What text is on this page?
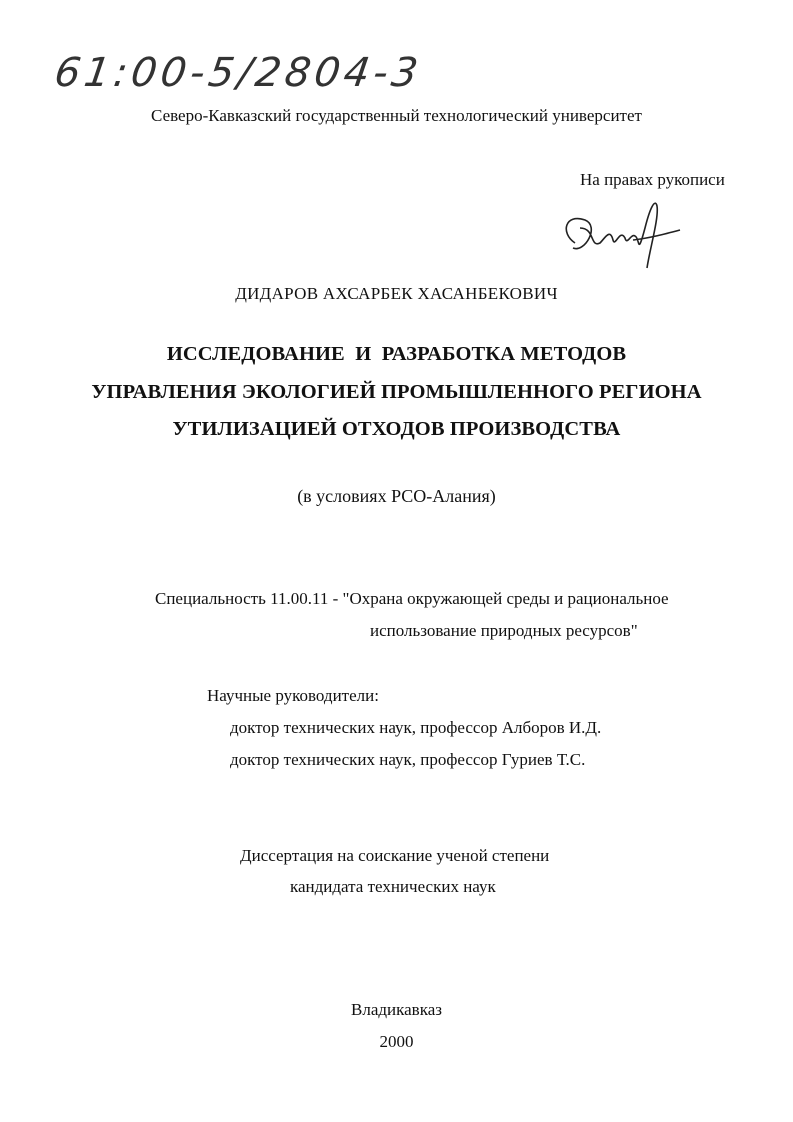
61:00-5/2804-3
Северо-Кавказский государственный технологический университет
На правах рукописи
ДИДАРОВ АХСАРБЕК ХАСАНБЕКОВИЧ
ИССЛЕДОВАНИЕ  И  РАЗРАБОТКА МЕТОДОВ
УПРАВЛЕНИЯ ЭКОЛОГИЕЙ ПРОМЫШЛЕННОГО РЕГИОНА
УТИЛИЗАЦИЕЙ ОТХОДОВ ПРОИЗВОДСТВА
(в условиях РСО-Алания)
Специальность 11.00.11 - "Охрана окружающей среды и рациональное
использование природных ресурсов"
Научные руководители:
доктор технических наук, профессор Алборов И.Д.
доктор технических наук, профессор Гуриев Т.С.
Диссертация на соискание ученой степени
кандидата технических наук
Владикавказ
2000
